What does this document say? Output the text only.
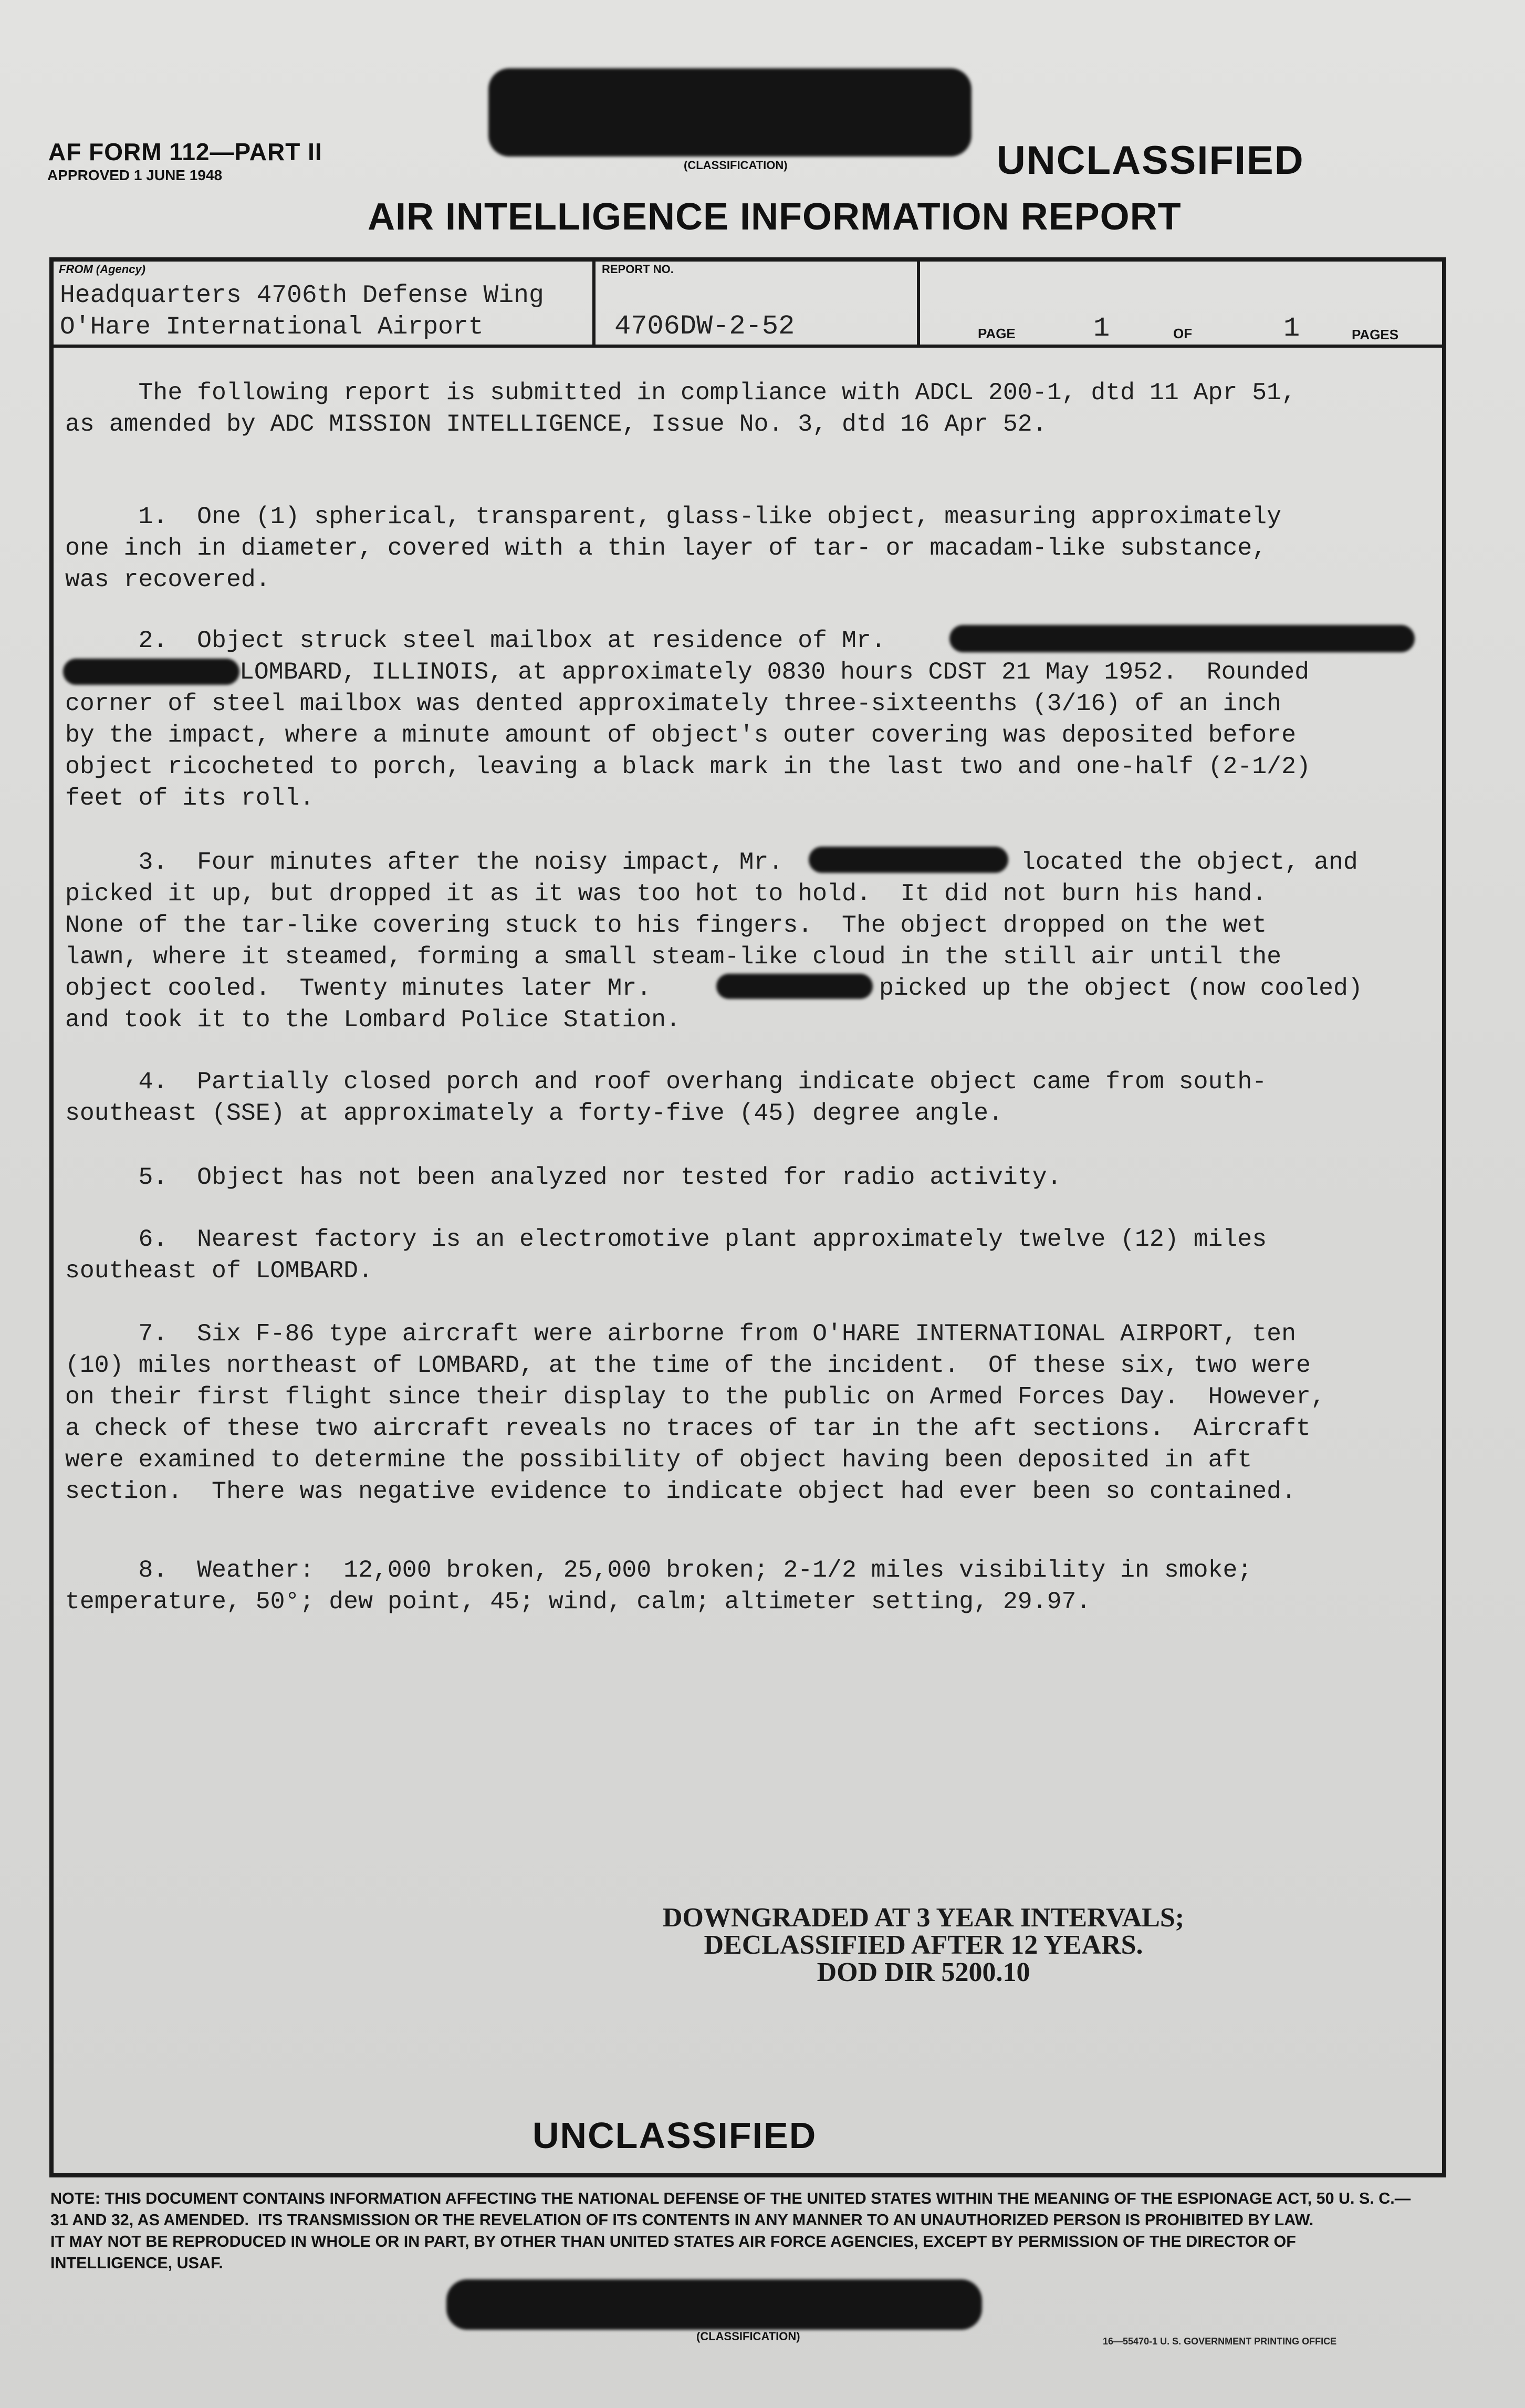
(CLASSIFICATION)
AF FORM 112—PART II
APPROVED 1 JUNE 1948	UNCLASSIFIED
AIR INTELLIGENCE INFORMATION REPORT
FROM (Agency)
Headquarters 4706th Defense Wing
O'Hare International Airport
REPORT NO.
4706DW-2-52	PAGE	1	OF	1	PAGES
The following report is submitted in compliance with ADCL 200-1, dtd 11 Apr 51,
as amended by ADC MISSION INTELLIGENCE, Issue No. 3, dtd 16 Apr 52.
1.  One (1) spherical, transparent, glass-like object, measuring approximately
one inch in diameter, covered with a thin layer of tar- or macadam-like substance,
was recovered.
2.  Object struck steel mailbox at residence of Mr.
LOMBARD, ILLINOIS, at approximately 0830 hours CDST 21 May 1952.  Rounded
corner of steel mailbox was dented approximately three-sixteenths (3/16) of an inch
by the impact, where a minute amount of object's outer covering was deposited before
object ricocheted to porch, leaving a black mark in the last two and one-half (2-1/2)
feet of its roll.
3.  Four minutes after the noisy impact, Mr.	located the object, and
picked it up, but dropped it as it was too hot to hold.  It did not burn his hand.
None of the tar-like covering stuck to his fingers.  The object dropped on the wet
lawn, where it steamed, forming a small steam-like cloud in the still air until the
object cooled.  Twenty minutes later Mr.	picked up the object (now cooled)
and took it to the Lombard Police Station.
4.  Partially closed porch and roof overhang indicate object came from south-
southeast (SSE) at approximately a forty-five (45) degree angle.
5.  Object has not been analyzed nor tested for radio activity.
6.  Nearest factory is an electromotive plant approximately twelve (12) miles
southeast of LOMBARD.
7.  Six F-86 type aircraft were airborne from O'HARE INTERNATIONAL AIRPORT, ten
(10) miles northeast of LOMBARD, at the time of the incident.  Of these six, two were
on their first flight since their display to the public on Armed Forces Day.  However,
a check of these two aircraft reveals no traces of tar in the aft sections.  Aircraft
were examined to determine the possibility of object having been deposited in aft
section.  There was negative evidence to indicate object had ever been so contained.
8.  Weather:  12,000 broken, 25,000 broken; 2-1/2 miles visibility in smoke;
temperature, 50°; dew point, 45; wind, calm; altimeter setting, 29.97.
DOWNGRADED AT 3 YEAR INTERVALS;
DECLASSIFIED AFTER 12 YEARS.
DOD DIR 5200.10
UNCLASSIFIED
NOTE: THIS DOCUMENT CONTAINS INFORMATION AFFECTING THE NATIONAL DEFENSE OF THE UNITED STATES WITHIN THE MEANING OF THE ESPIONAGE ACT, 50 U. S. C.—
31 AND 32, AS AMENDED.  ITS TRANSMISSION OR THE REVELATION OF ITS CONTENTS IN ANY MANNER TO AN UNAUTHORIZED PERSON IS PROHIBITED BY LAW.
IT MAY NOT BE REPRODUCED IN WHOLE OR IN PART, BY OTHER THAN UNITED STATES AIR FORCE AGENCIES, EXCEPT BY PERMISSION OF THE DIRECTOR OF
INTELLIGENCE, USAF.
(CLASSIFICATION)	16—55470-1 U. S. GOVERNMENT PRINTING OFFICE
